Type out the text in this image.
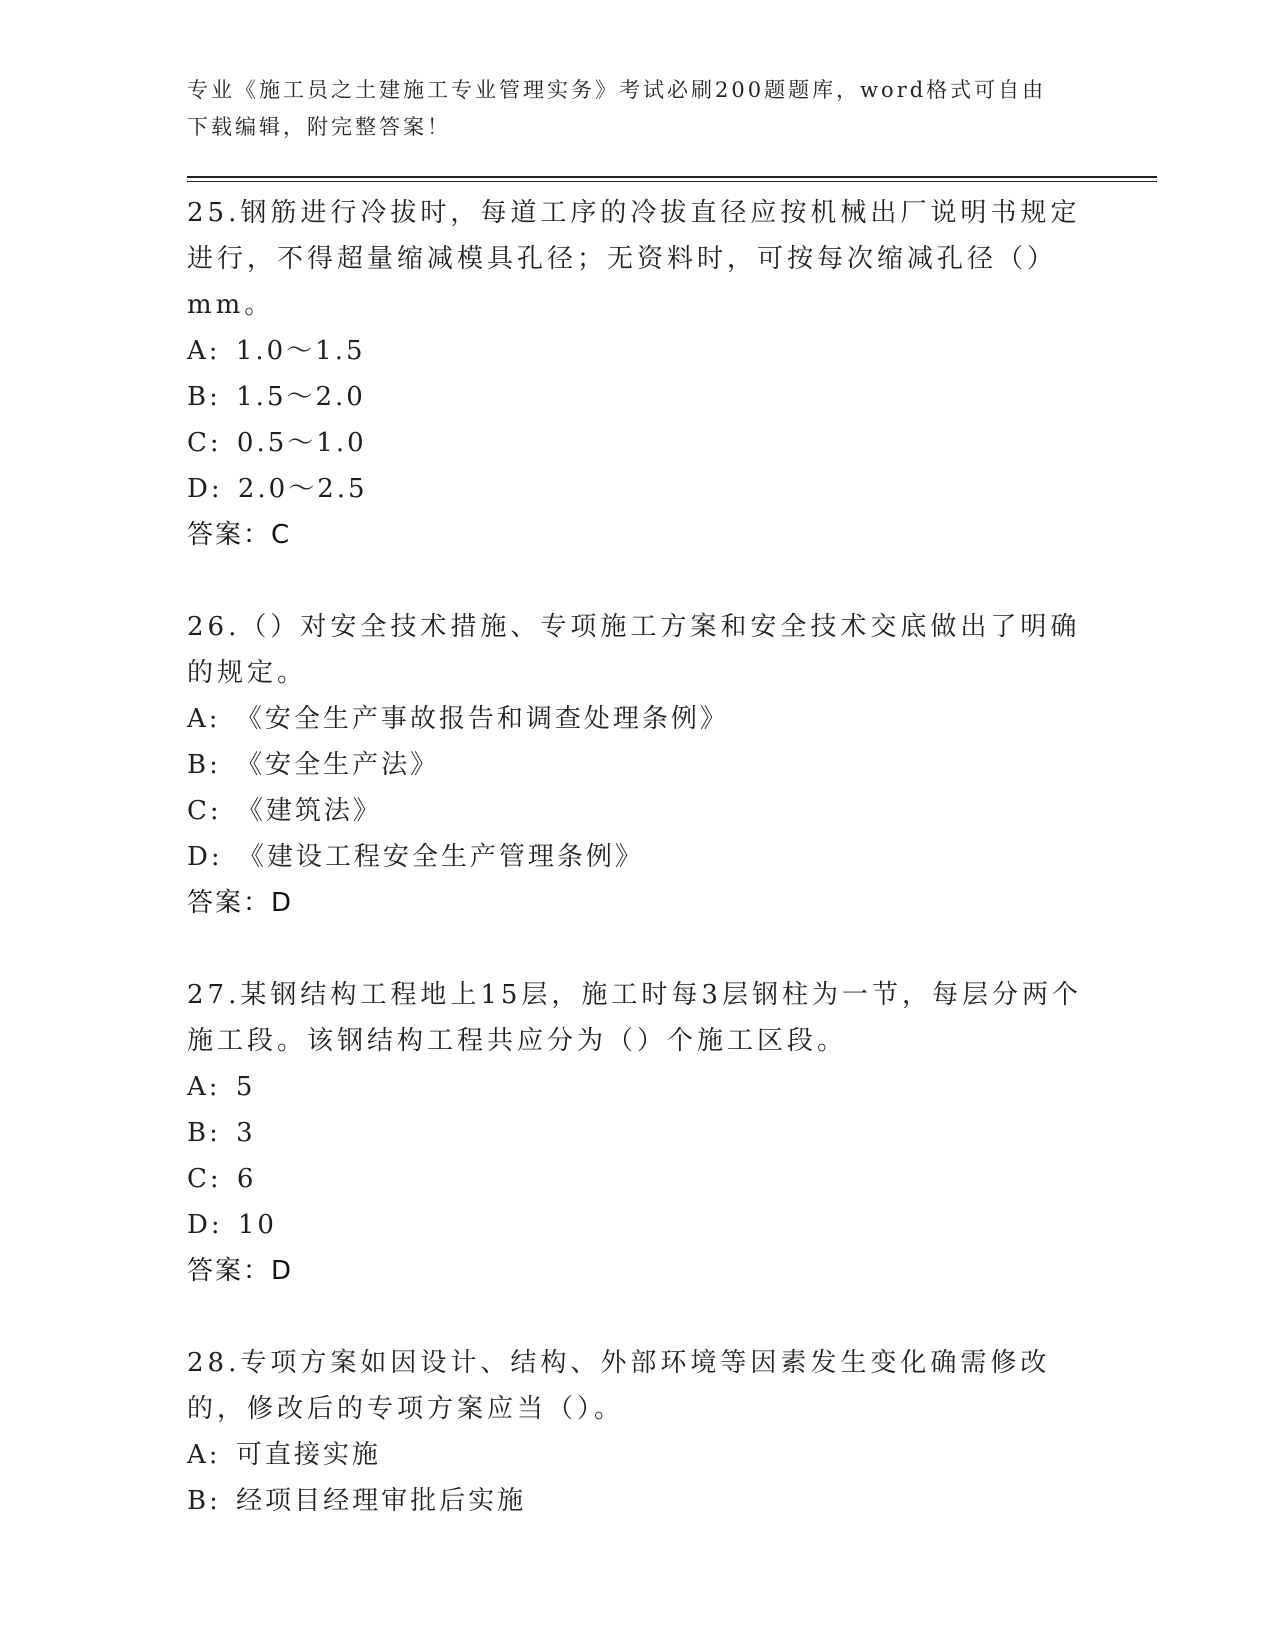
专业《施工员之土建施工专业管理实务》考试必刷200题题库，word格式可自由下载编辑，附完整答案！
25.钢筋进行冷拔时，每道工序的冷拔直径应按机械出厂说明书规定进行，不得超量缩减模具孔径；无资料时，可按每次缩减孔径（）mm。
A: 1.0～1.5
B: 1.5～2.0
C: 0.5～1.0
D: 2.0～2.5
答案：C
26.（）对安全技术措施、专项施工方案和安全技术交底做出了明确的规定。
A: 《安全生产事故报告和调查处理条例》
B: 《安全生产法》
C: 《建筑法》
D: 《建设工程安全生产管理条例》
答案：D
27.某钢结构工程地上15层，施工时每3层钢柱为一节，每层分两个施工段。该钢结构工程共应分为（）个施工区段。
A: 5
B: 3
C: 6
D: 10
答案：D
28.专项方案如因设计、结构、外部环境等因素发生变化确需修改的，修改后的专项方案应当（）。
A: 可直接实施
B: 经项目经理审批后实施
